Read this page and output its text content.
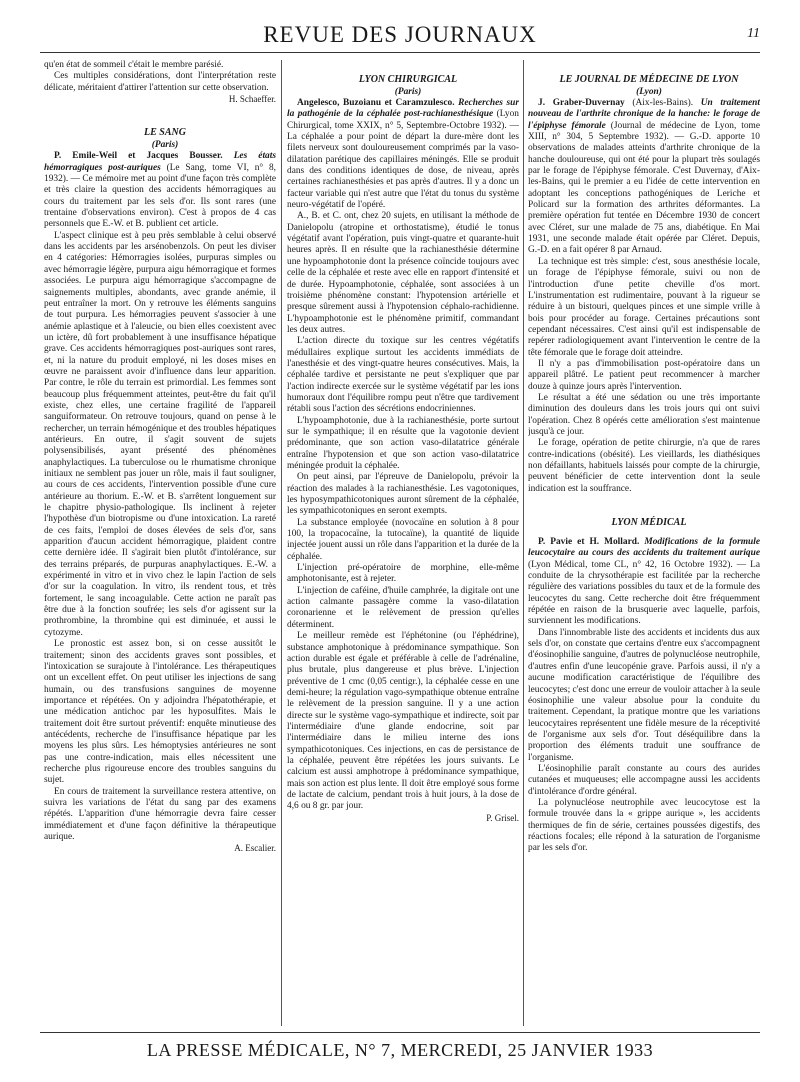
REVUE DES JOURNAUX	11

qu'en état de sommeil c'était le membre parésié.

Ces multiples considérations, dont l'interprétation reste délicate, méritaient d'attirer l'attention sur cette observation.

H. Schaeffer.

LE SANG

(Paris)

P. Emile-Weil et Jacques Bousser. Les états hémorragiques post-auriques (Le Sang, tome VI, n° 8, 1932). — Ce mémoire met au point d'une façon très complète et très claire la question des accidents hémorragiques au cours du traitement par les sels d'or. Ils sont rares (une trentaine d'observations environ). C'est à propos de 4 cas personnels que E.-W. et B. publient cet article.

L'aspect clinique est à peu près semblable à celui observé dans les accidents par les arsénobenzols. On peut les diviser en 4 catégories: Hémorragies isolées, purpuras simples ou avec hémorragie légère, purpura aigu hémorragique et formes associées. Le purpura aigu hémorragique s'accompagne de saignements multiples, abondants, avec grande anémie, il peut entraîner la mort. On y retrouve les éléments sanguins de tout purpura. Les hémorragies peuvent s'associer à une anémie aplastique et à l'aleucie, ou bien elles coexistent avec un ictère, dû fort probablement à une insuffisance hépatique grave. Ces accidents hémorragiques post-auriques sont rares, et, ni la nature du produit employé, ni les doses mises en œuvre ne paraissent avoir d'influence dans leur apparition. Par contre, le rôle du terrain est primordial. Les femmes sont beaucoup plus fréquemment atteintes, peut-être du fait qu'il existe, chez elles, une certaine fragilité de l'appareil sanguiformateur. On retrouve toujours, quand on pense à le rechercher, un terrain hémogénique et des troubles hépatiques antérieurs. En outre, il s'agit souvent de sujets polysensibilisés, ayant présenté des phénomènes anaphylactiques. La tuberculose ou le rhumatisme chronique initiaux ne semblent pas jouer un rôle, mais il faut souligner, au cours de ces accidents, l'intervention possible d'une cure antérieure au thorium. E.-W. et B. s'arrêtent longuement sur le chapitre physio-pathologique. Ils inclinent à rejeter l'hypothèse d'un biotropisme ou d'une intoxication. La rareté de ces faits, l'emploi de doses élevées de sels d'or, sans apparition d'aucun accident hémorragique, plaident contre cette dernière idée. Il s'agirait bien plutôt d'intolérance, sur des terrains préparés, de purpuras anaphylactiques. E.-W. a expérimenté in vitro et in vivo chez le lapin l'action de sels d'or sur la coagulation. In vitro, ils rendent tous, et très fortement, le sang incoagulable. Cette action ne paraît pas être due à la fonction soufrée; les sels d'or agissent sur la prothrombine, la thrombine qui est diminuée, et aussi le cytozyme.

Le pronostic est assez bon, si on cesse aussitôt le traitement; sinon des accidents graves sont possibles, et l'intoxication se surajoute à l'intolérance. Les thérapeutiques ont un excellent effet. On peut utiliser les injections de sang humain, ou des transfusions sanguines de moyenne importance et répétées. On y adjoindra l'hépatothérapie, et une médication antichoc par les hyposulfites. Mais le traitement doit être surtout préventif: enquête minutieuse des antécédents, recherche de l'insuffisance hépatique par les moyens les plus sûrs. Les hémoptysies antérieures ne sont pas une contre-indication, mais elles nécessitent une recherche plus rigoureuse encore des troubles sanguins du sujet.

En cours de traitement la surveillance restera attentive, on suivra les variations de l'état du sang par des examens répétés. L'apparition d'une hémorragie devra faire cesser immédiatement et d'une façon définitive la thérapeutique aurique.

A. Escalier.

LYON CHIRURGICAL

(Paris)

Angelesco, Buzoianu et Caramzulesco. Recherches sur la pathogénie de la céphalée post-rachianesthésique (Lyon Chirurgical, tome XXIX, n° 5, Septembre-Octobre 1932). — La céphalée a pour point de départ la dure-mère dont les filets nerveux sont douloureusement comprimés par la vaso-dilatation parétique des capillaires méningés. Elle se produit dans des conditions identiques de dose, de niveau, après certaines rachianesthésies et pas après d'autres. Il y a donc un facteur variable qui n'est autre que l'état du tonus du système neuro-végétatif de l'opéré.

A., B. et C. ont, chez 20 sujets, en utilisant la méthode de Danielopolu (atropine et orthostatisme), étudié le tonus végétatif avant l'opération, puis vingt-quatre et quarante-huit heures après. Il en résulte que la rachianesthésie détermine une hypoamphotonie dont la présence coïncide toujours avec celle de la céphalée et reste avec elle en rapport d'intensité et de durée. Hypoamphotonie, céphalée, sont associées à un troisième phénomène constant: l'hypotension artérielle et presque sûrement aussi à l'hypotension céphalo-rachidienne. L'hypoamphotonie est le phénomène primitif, commandant les deux autres.

L'action directe du toxique sur les centres végétatifs médullaires explique surtout les accidents immédiats de l'anesthésie et des vingt-quatre heures consécutives. Mais, la céphalée tardive et persistante ne peut s'expliquer que par l'action indirecte exercée sur le système végétatif par les ions humoraux dont l'équilibre rompu peut n'être que tardivement rétabli sous l'action des sécrétions endocriniennes.

L'hypoamphotonie, due à la rachianesthésie, porte surtout sur le sympathique; il en résulte que la vagotonie devient prédominante, que son action vaso-dilatatrice générale entraîne l'hypotension et que son action vaso-dilatatrice méningée produit la céphalée.

On peut ainsi, par l'épreuve de Danielopolu, prévoir la réaction des malades à la rachianesthésie. Les vagotoniques, les hyposympathicotoniques auront sûrement de la céphalée, les sympathicotoniques en seront exempts.

La substance employée (novocaïne en solution à 8 pour 100, la tropacocaïne, la tutocaïne), la quantité de liquide injectée jouent aussi un rôle dans l'apparition et la durée de la céphalée.

L'injection pré-opératoire de morphine, elle-même amphotonisante, est à rejeter.

L'injection de caféine, d'huile camphrée, la digitale ont une action calmante passagère comme la vaso-dilatation coronarienne et le relèvement de pression qu'elles déterminent.

Le meilleur remède est l'éphétonine (ou l'éphédrine), substance amphotonique à prédominance sympathique. Son action durable est égale et préférable à celle de l'adrénaline, plus brutale, plus dangereuse et plus brève. L'injection préventive de 1 cmc (0,05 centigr.), la céphalée cesse en une demi-heure; la régulation vago-sympathique obtenue entraîne le relèvement de la pression sanguine. Il y a une action directe sur le système vago-sympathique et indirecte, soit par l'intermédiaire d'une glande endocrine, soit par l'intermédiaire dans le milieu interne des ions sympathicotoniques. Ces injections, en cas de persistance de la céphalée, peuvent être répétées les jours suivants. Le calcium est aussi amphotrope à prédominance sympathique, mais son action est plus lente. Il doit être employé sous forme de lactate de calcium, pendant trois à huit jours, à la dose de 4,6 ou 8 gr. par jour.

P. Grisel.

LE JOURNAL DE MÉDECINE DE LYON

(Lyon)

J. Graber-Duvernay (Aix-les-Bains). Un traitement nouveau de l'arthrite chronique de la hanche: le forage de l'épiphyse fémorale (Journal de médecine de Lyon, tome XIII, n° 304, 5 Septembre 1932). — G.-D. apporte 10 observations de malades atteints d'arthrite chronique de la hanche douloureuse, qui ont été pour la plupart très soulagés par le forage de l'épiphyse fémorale. C'est Duvernay, d'Aix-les-Bains, qui le premier a eu l'idée de cette intervention en adoptant les conceptions pathogéniques de Leriche et Policard sur la formation des arthrites déformantes. La première opération fut tentée en Décembre 1930 de concert avec Cléret, sur une malade de 75 ans, diabétique. En Mai 1931, une seconde malade était opérée par Cléret. Depuis, G.-D. en a fait opérer 8 par Arnaud.

La technique est très simple: c'est, sous anesthésie locale, un forage de l'épiphyse fémorale, suivi ou non de l'introduction d'une petite cheville d'os mort. L'instrumentation est rudimentaire, pouvant à la rigueur se réduire à un bistouri, quelques pinces et une simple vrille à bois pour procéder au forage. Certaines précautions sont cependant nécessaires. C'est ainsi qu'il est indispensable de repérer radiologiquement avant l'intervention le centre de la tête fémorale que le forage doit atteindre.

Il n'y a pas d'immobilisation post-opératoire dans un appareil plâtré. Le patient peut recommencer à marcher douze à quinze jours après l'intervention.

Le résultat a été une sédation ou une très importante diminution des douleurs dans les trois jours qui ont suivi l'opération. Chez 8 opérés cette amélioration s'est maintenue jusqu'à ce jour.

Le forage, opération de petite chirurgie, n'a que de rares contre-indications (obésité). Les vieillards, les diathésiques non défaillants, habituels laissés pour compte de la chirurgie, peuvent bénéficier de cette intervention dont la seule indication est la souffrance.

LYON MÉDICAL

P. Pavie et H. Mollard. Modifications de la formule leucocytaire au cours des accidents du traitement aurique (Lyon Médical, tome CL, n° 42, 16 Octobre 1932). — La conduite de la chrysothérapie est facilitée par la recherche régulière des variations possibles du taux et de la formule des leucocytes du sang. Cette recherche doit être fréquemment répétée en raison de la brusquerie avec laquelle, parfois, surviennent les modifications.

Dans l'innombrable liste des accidents et incidents dus aux sels d'or, on constate que certains d'entre eux s'accompagnent d'éosinophilie sanguine, d'autres de polynucléose neutrophile, d'autres enfin d'une leucopénie grave. Parfois aussi, il n'y a aucune modification caractéristique de l'équilibre des leucocytes; c'est donc une erreur de vouloir attacher à la seule éosinophilie une valeur absolue pour la conduite du traitement. Cependant, la pratique montre que les variations leucocytaires représentent une fidèle mesure de la réceptivité de l'organisme aux sels d'or. Tout déséquilibre dans la proportion des éléments traduit une souffrance de l'organisme.

L'éosinophilie paraît constante au cours des aurides cutanées et muqueuses; elle accompagne aussi les accidents d'intolérance d'ordre général.

La polynucléose neutrophile avec leucocytose est la formule trouvée dans la « grippe aurique », les accidents thermiques de fin de série, certaines poussées digestifs, des réactions focales; elle répond à la saturation de l'organisme par les sels d'or.

LA PRESSE MÉDICALE, N° 7, MERCREDI, 25 JANVIER 1933
